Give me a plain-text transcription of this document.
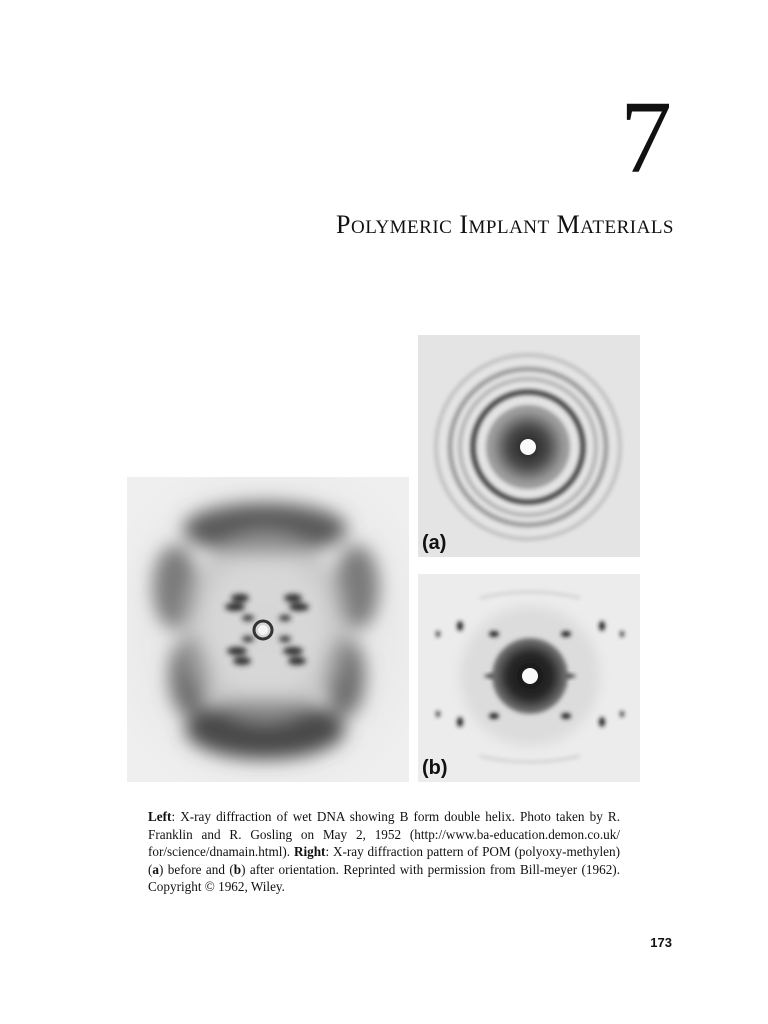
7
POLYMERIC IMPLANT MATERIALS
(a)
(b)

Left: X-ray diffraction of wet DNA showing B form double helix. Photo taken by R. Franklin and R. Gosling on May 2, 1952 (http://www.ba-education.demon.co.uk/ for/science/dnamain.html). Right: X-ray diffraction pattern of POM (polyoxy-methylen) (a) before and (b) after orientation. Reprinted with permission from Bill-meyer (1962). Copyright © 1962, Wiley.

173
